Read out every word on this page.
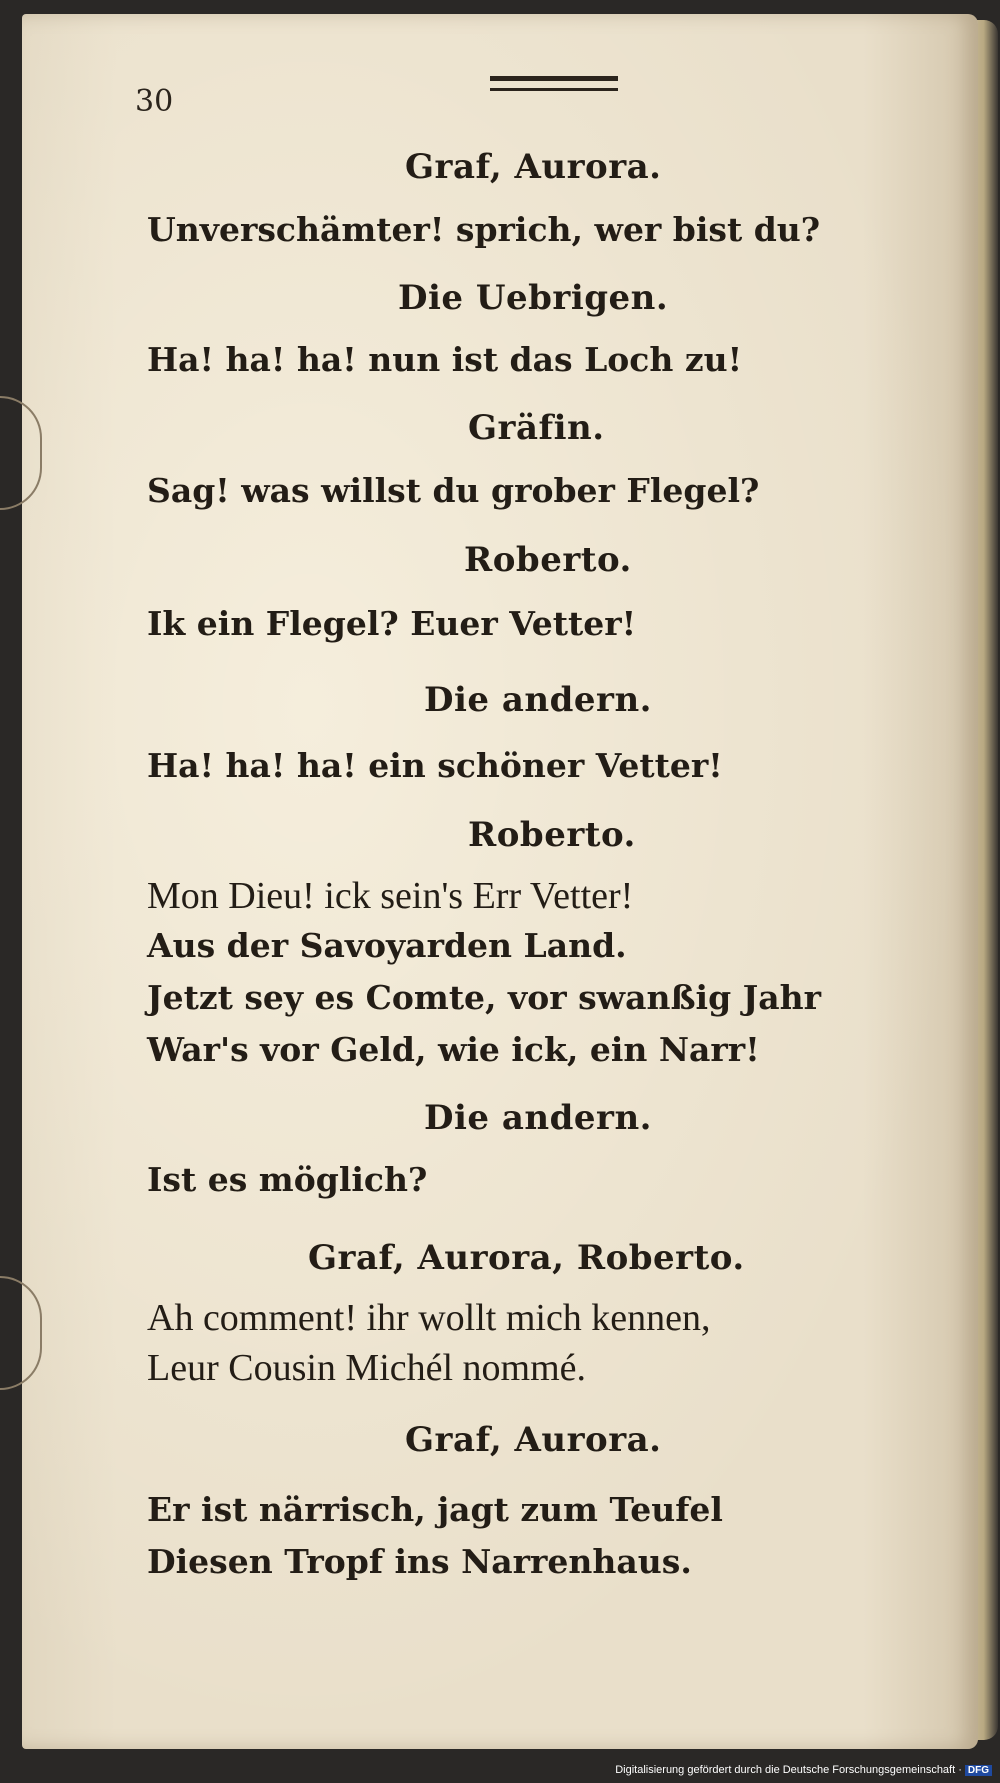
30
Graf, Aurora.
Unverschämter! sprich, wer bist du?
Die Uebrigen.
Ha! ha! ha! nun ist das Loch zu!
Gräfin.
Sag! was willst du grober Flegel?
Roberto.
Ik ein Flegel? Euer Vetter!
Die andern.
Ha! ha! ha! ein schöner Vetter!
Roberto.
Mon Dieu! ick sein's Err Vetter!
Aus der Savoyarden Land.
Jetzt sey es Comte, vor swanßig Jahr
War's vor Geld, wie ick, ein Narr!
Die andern.
Ist es möglich?
Graf, Aurora, Roberto.
Ah comment! ihr wollt mich kennen,
Leur Cousin Michél nommé.
Graf, Aurora.
Er ist närrisch, jagt zum Teufel
Diesen Tropf ins Narrenhaus.
Digitalisierung gefördert durch die Deutsche Forschungsgemeinschaft · DFG
